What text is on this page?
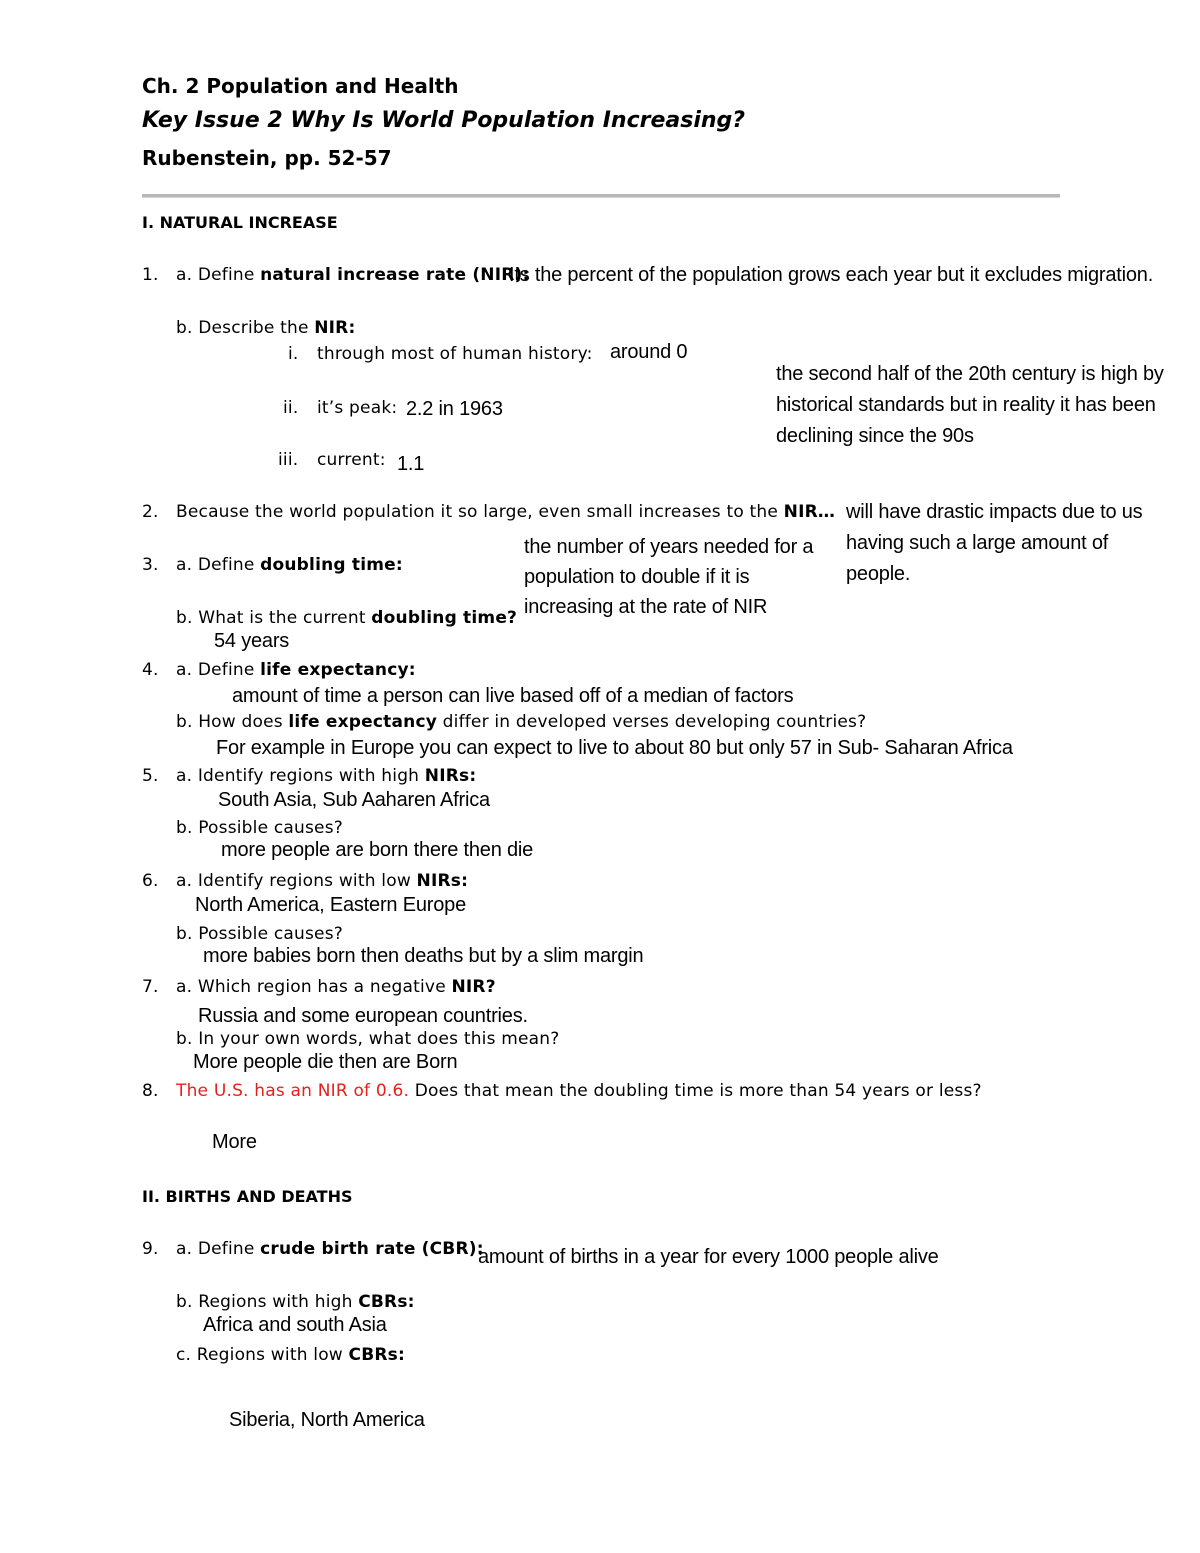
Ch. 2 Population and Health
Key Issue 2 Why Is World Population Increasing?
Rubenstein, pp. 52-57
I. NATURAL INCREASE
1. a. Define natural increase rate (NIR):
Its the percent of the population grows each year but it excludes migration.
b. Describe the NIR:
i. through most of human history: around 0
ii. it’s peak: 2.2 in 1963
iii. current: 1.1
the second half of the 20th century is high by
historical standards but in reality it has been
declining since the 90s
2. Because the world population it so large, even small increases to the NIR… will have drastic impacts due to us
having such a large amount of
people.
3. a. Define doubling time:
the number of years needed for a
population to double if it is
increasing at the rate of NIR
b. What is the current doubling time?
54 years
4. a. Define life expectancy:
amount of time a person can live based off of a median of factors
b. How does life expectancy differ in developed verses developing countries?
For example in Europe you can expect to live to about 80 but only 57 in Sub- Saharan Africa
5. a. Identify regions with high NIRs:
South Asia, Sub Aaharen Africa
b. Possible causes?
more people are born there then die
6. a. Identify regions with low NIRs:
North America, Eastern Europe
b. Possible causes?
more babies born then deaths but by a slim margin
7. a. Which region has a negative NIR?
Russia and some european countries.
b. In your own words, what does this mean?
More people die then are Born
8. The U.S. has an NIR of 0.6. Does that mean the doubling time is more than 54 years or less?
More
II. BIRTHS AND DEATHS
9. a. Define crude birth rate (CBR):
amount of births in a year for every 1000 people alive
b. Regions with high CBRs:
Africa and south Asia
c. Regions with low CBRs:
Siberia, North America
